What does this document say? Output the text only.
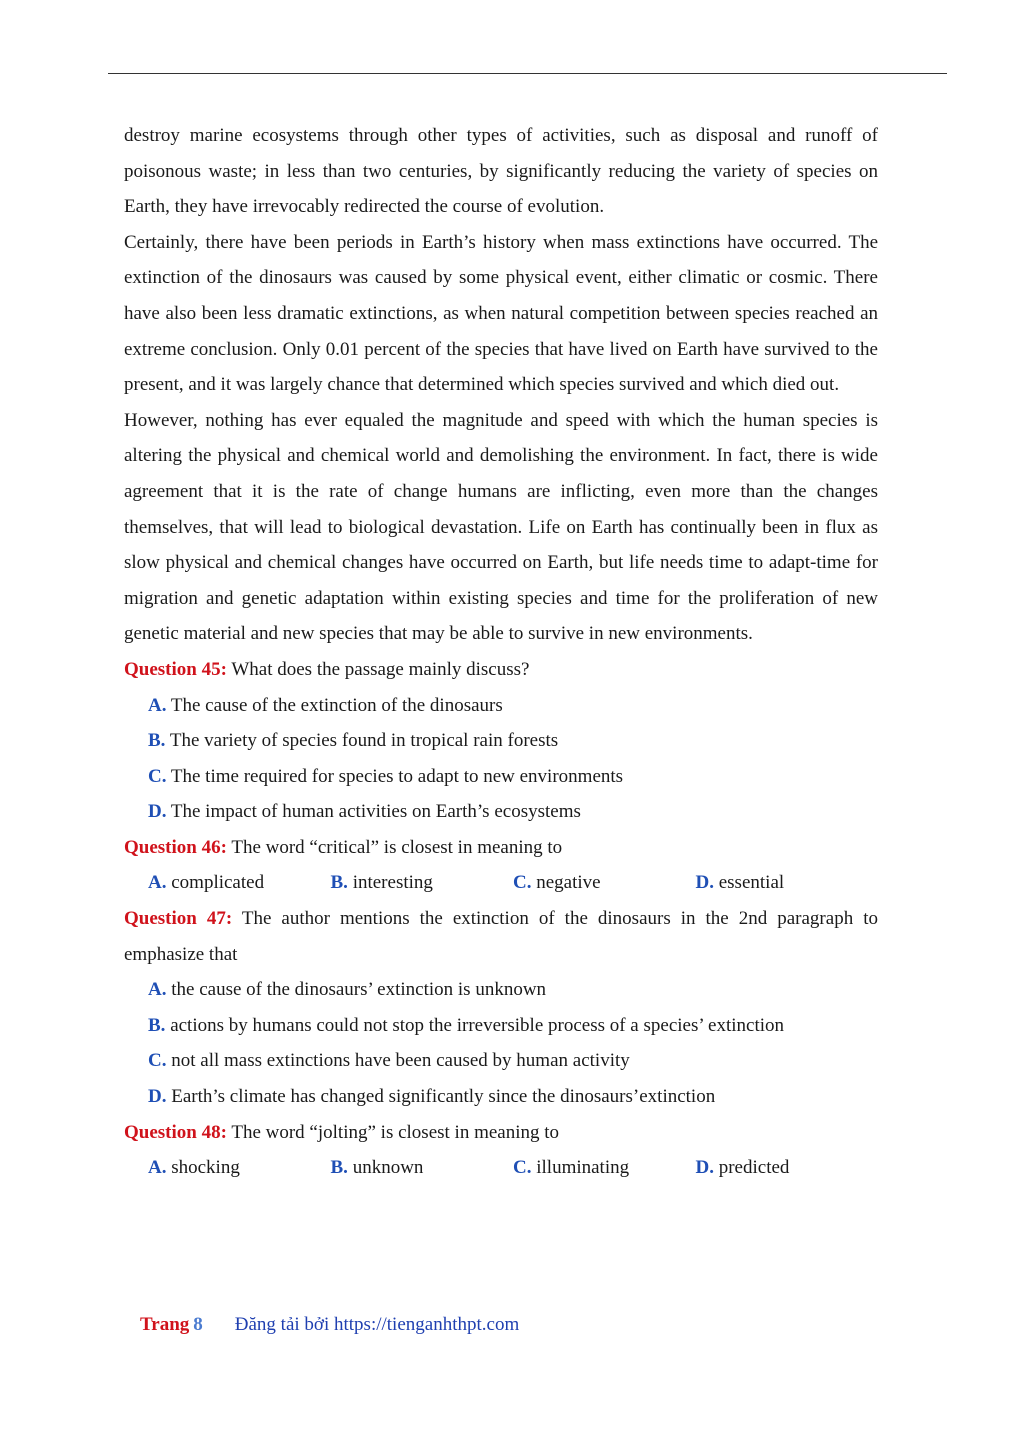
destroy marine ecosystems through other types of activities, such as disposal and runoff of poisonous waste; in less than two centuries, by significantly reducing the variety of species on Earth, they have irrevocably redirected the course of evolution.

Certainly, there have been periods in Earth’s history when mass extinctions have occurred. The extinction of the dinosaurs was caused by some physical event, either climatic or cosmic. There have also been less dramatic extinctions, as when natural competition between species reached an extreme conclusion. Only 0.01 percent of the species that have lived on Earth have survived to the present, and it was largely chance that determined which species survived and which died out.

However, nothing has ever equaled the magnitude and speed with which the human species is altering the physical and chemical world and demolishing the environment. In fact, there is wide agreement that it is the rate of change humans are inflicting, even more than the changes themselves, that will lead to biological devastation. Life on Earth has continually been in flux as slow physical and chemical changes have occurred on Earth, but life needs time to adapt-time for migration and genetic adaptation within existing species and time for the proliferation of new genetic material and new species that may be able to survive in new environments.

Question 45: What does the passage mainly discuss?

A. The cause of the extinction of the dinosaurs

B. The variety of species found in tropical rain forests

C. The time required for species to adapt to new environments

D. The impact of human activities on Earth’s ecosystems

Question 46: The word “critical” is closest in meaning to

A. complicated	B. interesting	C. negative	D. essential

Question 47: The author mentions the extinction of the dinosaurs in the 2nd paragraph to emphasize that

A. the cause of the dinosaurs’ extinction is unknown

B. actions by humans could not stop the irreversible process of a species’ extinction

C. not all mass extinctions have been caused by human activity

D. Earth’s climate has changed significantly since the dinosaurs’extinction

Question 48: The word “jolting” is closest in meaning to

A. shocking	B. unknown	C. illuminating	D. predicted
Trang 8 Đăng tải bởi https://tienganhthpt.com
